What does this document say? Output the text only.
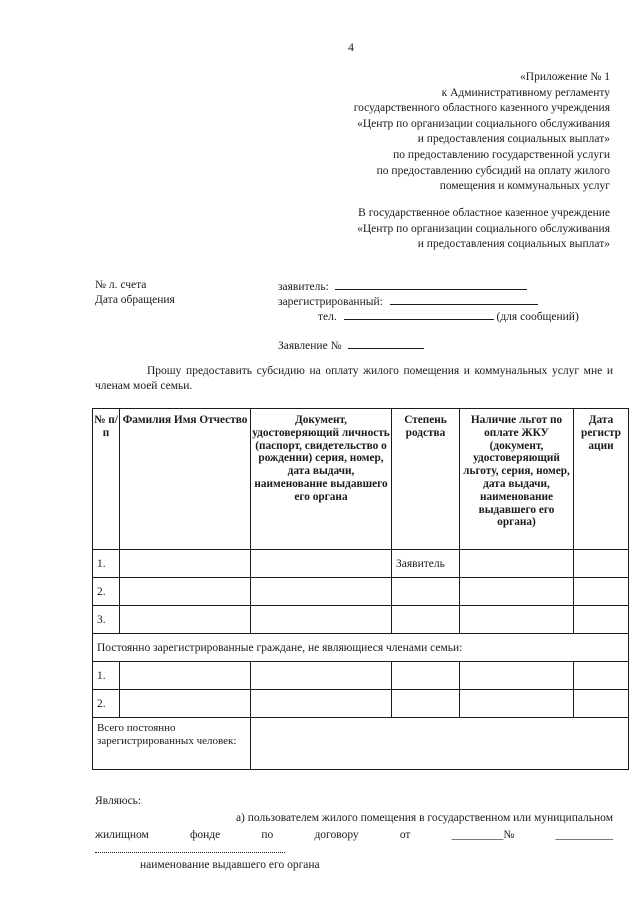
4
«Приложение № 1
к Административному регламенту
государственного областного казенного учреждения
«Центр по организации социального обслуживания
и предоставления социальных выплат»
по предоставлению государственной услуги
по предоставлению субсидий на оплату жилого
помещения и коммунальных услуг
В государственное областное казенное учреждение
«Центр по организации социального обслуживания
и предоставления социальных выплат»
№ л. счета
Дата обращения
заявитель:
зарегистрированный:
тел.	(для сообщений)
Заявление №
Прошу предоставить субсидию на оплату жилого помещения и коммунальных услуг мне и членам моей семьи.
№ п/п	Фамилия Имя Отчество	Документ, удостоверяющий личность (паспорт, свидетельство о рождении) серия, номер, дата выдачи, наименование выдавшего его органа	Степень родства	Наличие льгот по оплате ЖКУ (документ, удостоверяющий льготу, серия, номер, дата выдачи, наименование выдавшего его органа)	Дата регистр ации
1.			Заявитель		
2.					
3.					
Постоянно зарегистрированные граждане, не являющиеся членами семьи:					
1.					
2.					
Всего постоянно зарегистрированных человек:					
Являюсь:
а) пользователем жилого помещения в государственном или муниципальном
жилищном	фонде	по	договору	от	_________№	__________
наименование выдавшего его органа
